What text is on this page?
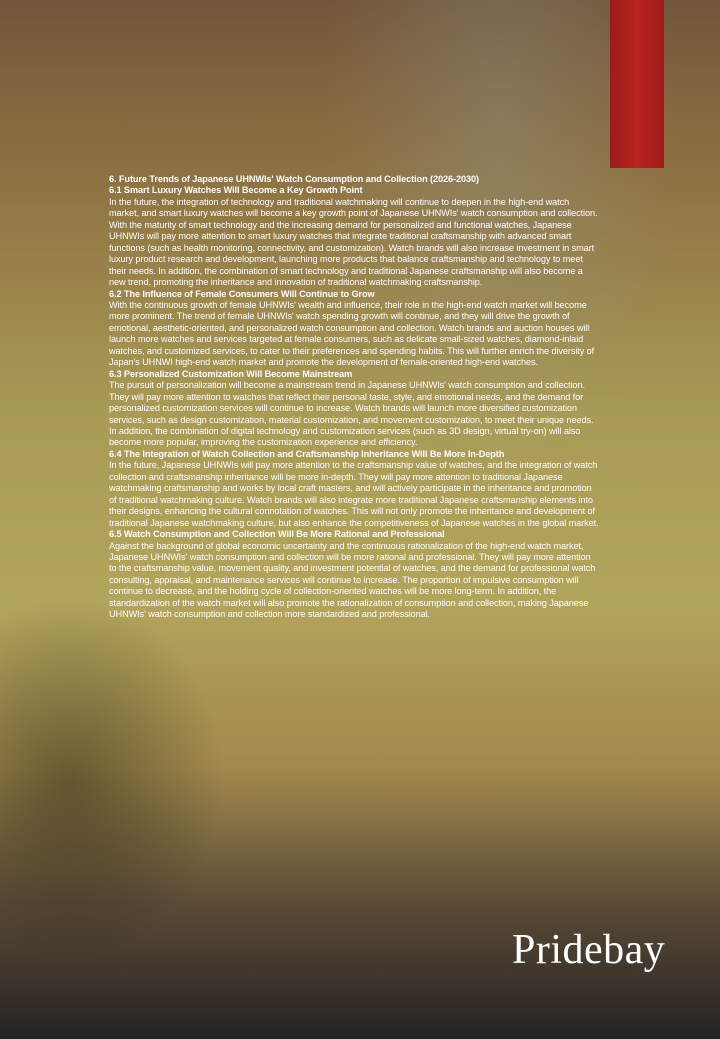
6. Future Trends of Japanese UHNWIs' Watch Consumption and Collection (2026-2030)
6.1 Smart Luxury Watches Will Become a Key Growth Point

In the future, the integration of technology and traditional watchmaking will continue to deepen in the high-end watch market, and smart luxury watches will become a key growth point of Japanese UHNWIs' watch consumption and collection. With the maturity of smart technology and the increasing demand for personalized and functional watches, Japanese UHNWIs will pay more attention to smart luxury watches that integrate traditional craftsmanship with advanced smart functions (such as health monitoring, connectivity, and customization). Watch brands will also increase investment in smart luxury product research and development, launching more products that balance craftsmanship and technology to meet their needs. In addition, the combination of smart technology and traditional Japanese craftsmanship will also become a new trend, promoting the inheritance and innovation of traditional watchmaking craftsmanship.

6.2 The Influence of Female Consumers Will Continue to Grow

With the continuous growth of female UHNWIs' wealth and influence, their role in the high-end watch market will become more prominent. The trend of female UHNWIs' watch spending growth will continue, and they will drive the growth of emotional, aesthetic-oriented, and personalized watch consumption and collection. Watch brands and auction houses will launch more watches and services targeted at female consumers, such as delicate small-sized watches, diamond-inlaid watches, and customized services, to cater to their preferences and spending habits. This will further enrich the diversity of Japan's UHNWI high-end watch market and promote the development of female-oriented high-end watches.

6.3 Personalized Customization Will Become Mainstream

The pursuit of personalization will become a mainstream trend in Japanese UHNWIs' watch consumption and collection. They will pay more attention to watches that reflect their personal taste, style, and emotional needs, and the demand for personalized customization services will continue to increase. Watch brands will launch more diversified customization services, such as design customization, material customization, and movement customization, to meet their unique needs. In addition, the combination of digital technology and customization services (such as 3D design, virtual try-on) will also become more popular, improving the customization experience and efficiency.

6.4 The Integration of Watch Collection and Craftsmanship Inheritance Will Be More In-Depth

In the future, Japanese UHNWIs will pay more attention to the craftsmanship value of watches, and the integration of watch collection and craftsmanship inheritance will be more in-depth. They will pay more attention to traditional Japanese watchmaking craftsmanship and works by local craft masters, and will actively participate in the inheritance and promotion of traditional watchmaking culture. Watch brands will also integrate more traditional Japanese craftsmanship elements into their designs, enhancing the cultural connotation of watches. This will not only promote the inheritance and development of traditional Japanese watchmaking culture, but also enhance the competitiveness of Japanese watches in the global market.

6.5 Watch Consumption and Collection Will Be More Rational and Professional

Against the background of global economic uncertainty and the continuous rationalization of the high-end watch market, Japanese UHNWIs' watch consumption and collection will be more rational and professional. They will pay more attention to the craftsmanship value, movement quality, and investment potential of watches, and the demand for professional watch consulting, appraisal, and maintenance services will continue to increase. The proportion of impulsive consumption will continue to decrease, and the holding cycle of collection-oriented watches will be more long-term. In addition, the standardization of the watch market will also promote the rationalization of consumption and collection, making Japanese UHNWIs' watch consumption and collection more standardized and professional.

Pridebay
